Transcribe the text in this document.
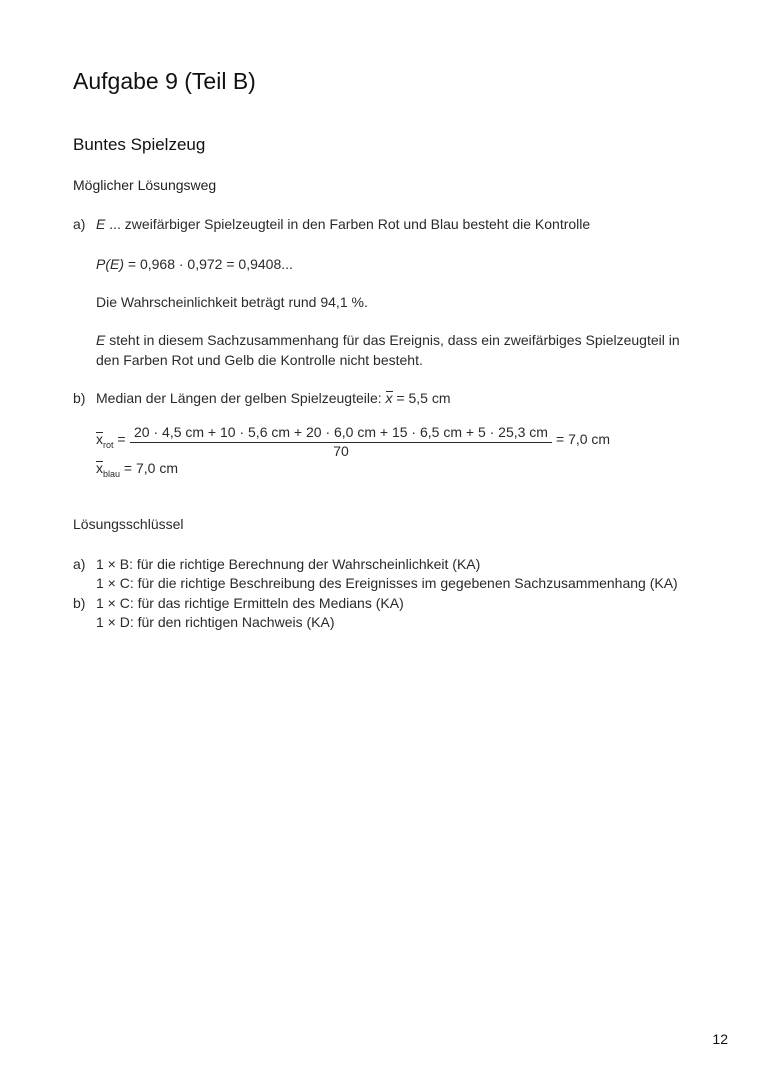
Aufgabe 9 (Teil B)
Buntes Spielzeug
Möglicher Lösungsweg
a) E ... zweifärbiger Spielzeugteil in den Farben Rot und Blau besteht die Kontrolle
P(E) = 0,968 · 0,972 = 0,9408...
Die Wahrscheinlichkeit beträgt rund 94,1 %.
E steht in diesem Sachzusammenhang für das Ereignis, dass ein zweifärbiges Spielzeugteil in
den Farben Rot und Gelb die Kontrolle nicht besteht.
b) Median der Längen der gelben Spielzeugteile: x = 5,5 cm
$x_{rot} = 20 \cdot 4,5$ cm + 10 · 5,6 cm + 20 · 6,0 cm + 15 · 6,5 cm + 5 · 25,3 cm
70
= 7,0 cm
$x_{blau} = 7,0$ cm
Lösungsschlüssel
a) 1 × B: für die richtige Berechnung der Wahrscheinlichkeit (KA)
1 × C: für die richtige Beschreibung des Ereignisses im gegebenen Sachzusammenhang (KA)
b) 1 × C: für das richtige Ermitteln des Medians (KA)
1 × D: für den richtigen Nachweis (KA)
12
